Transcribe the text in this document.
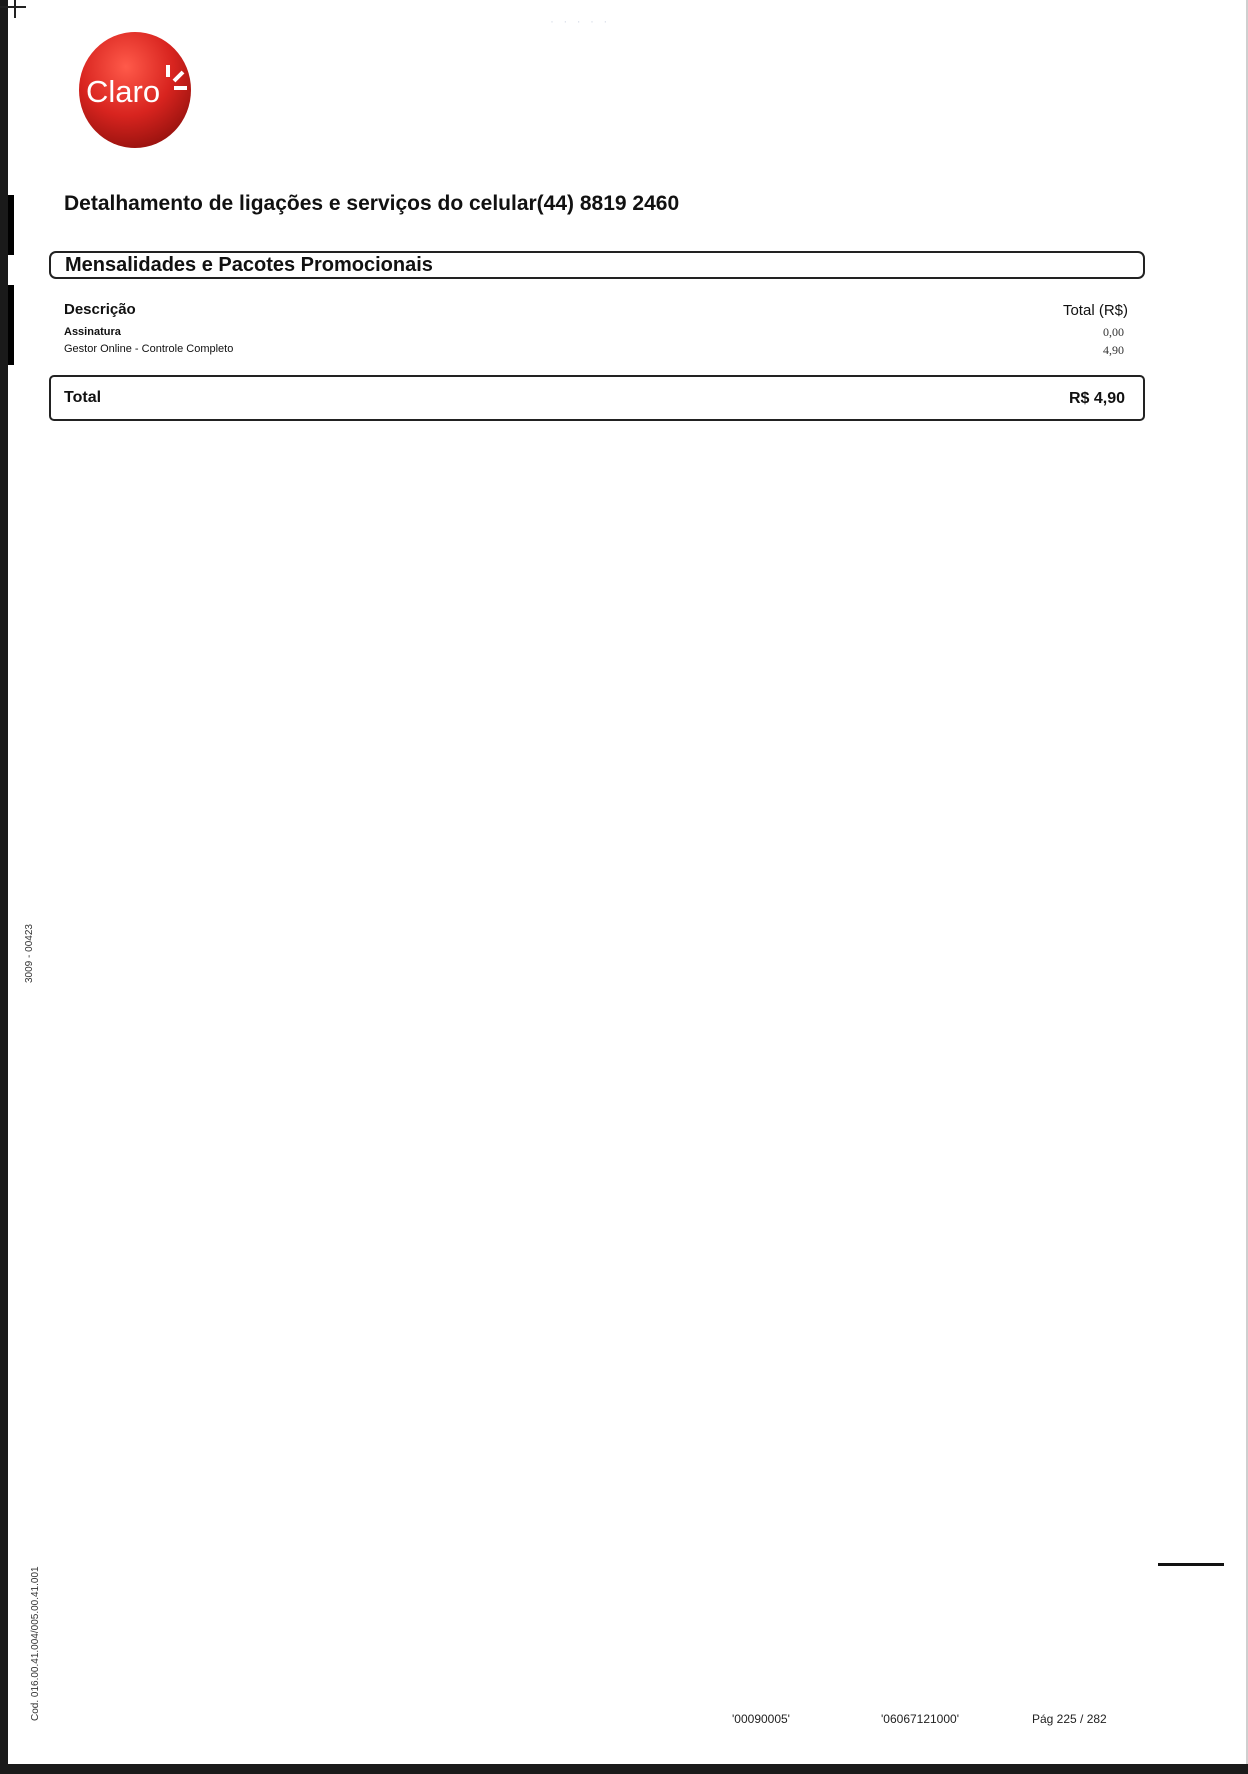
· · · · ·
Claro
Detalhamento de ligações e serviços do celular(44) 8819 2460
Mensalidades e Pacotes Promocionais
Descrição	Total (R$)
Assinatura	0,00
Gestor Online - Controle Completo	4,90
Total	R$ 4,90
3009 - 00423
Cod. 016.00.41.004/005.00.41.001	'00090005'	'06067121000'	Pág 225 / 282
